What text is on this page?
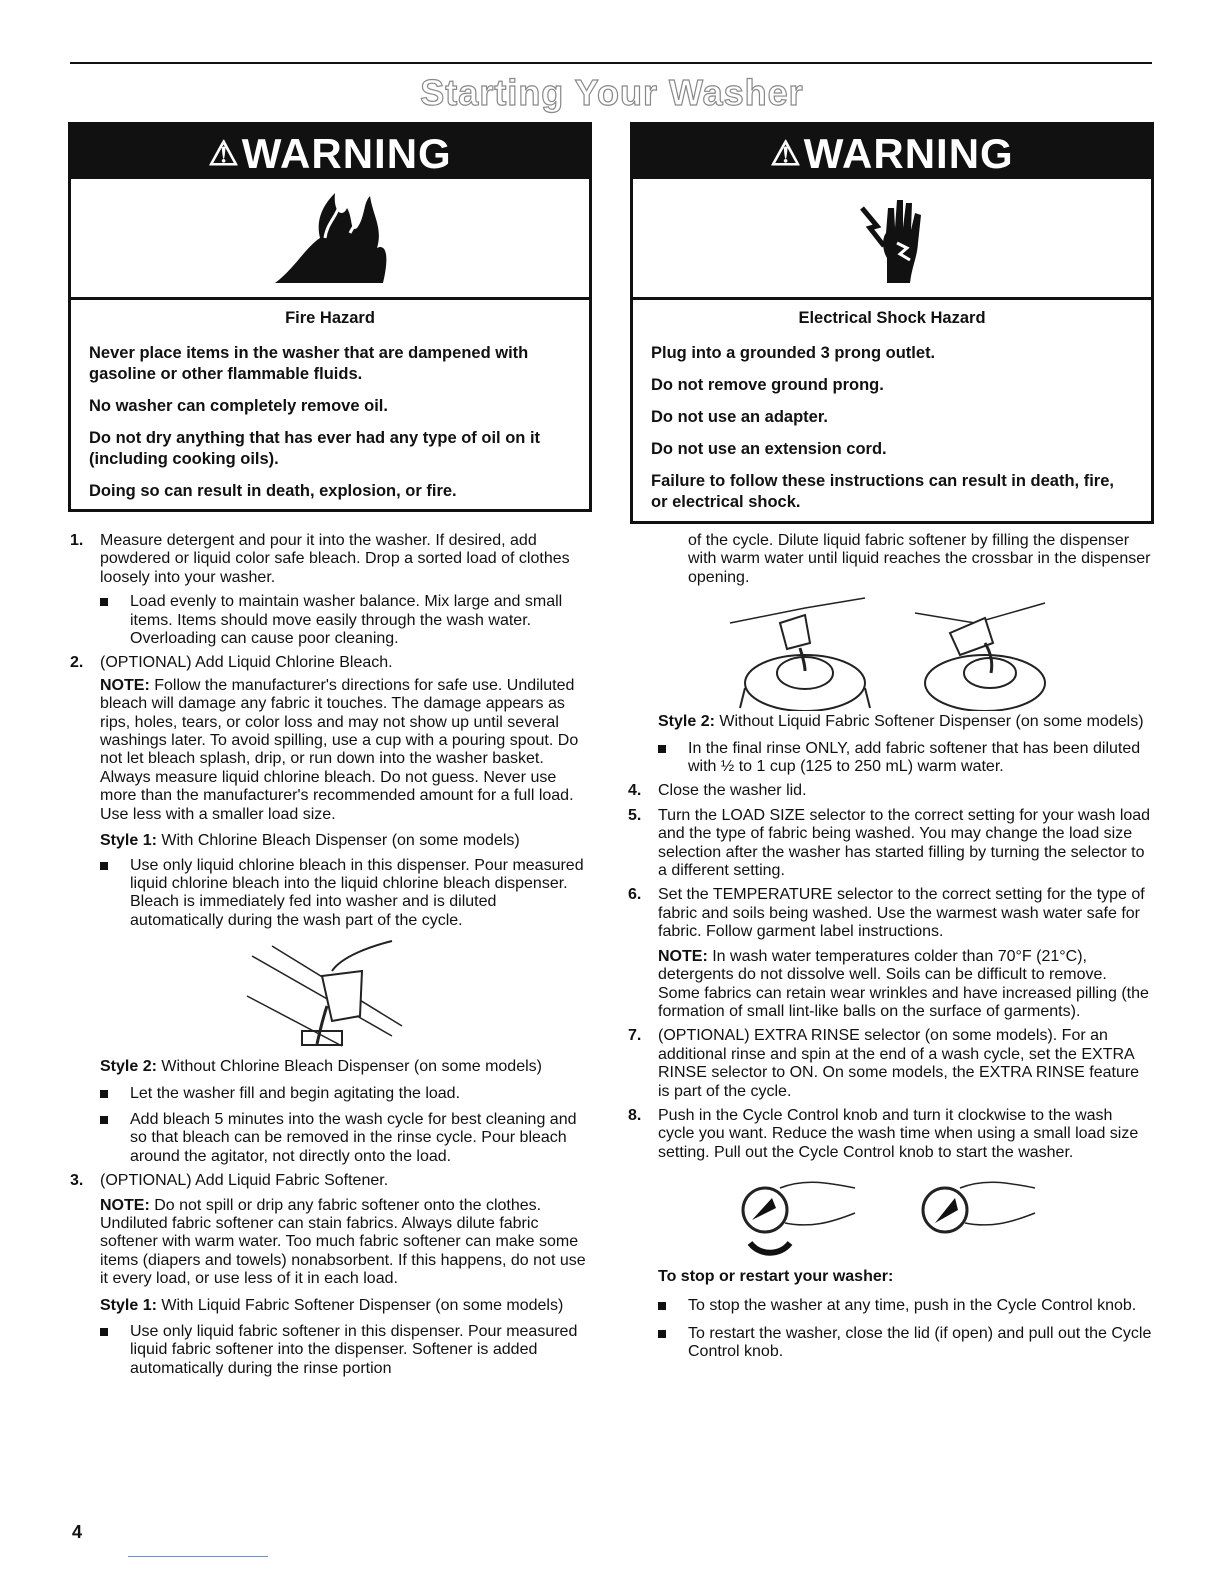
Starting Your Washer
⚠WARNING

Fire Hazard

Never place items in the washer that are dampened with gasoline or other flammable fluids.

No washer can completely remove oil.

Do not dry anything that has ever had any type of oil on it (including cooking oils).

Doing so can result in death, explosion, or fire.

⚠WARNING

Electrical Shock Hazard

Plug into a grounded 3 prong outlet.

Do not remove ground prong.

Do not use an adapter.

Do not use an extension cord.

Failure to follow these instructions can result in death, fire, or electrical shock.

1. Measure detergent and pour it into the washer. If desired, add powdered or liquid color safe bleach. Drop a sorted load of clothes loosely into your washer.

Load evenly to maintain washer balance. Mix large and small items. Items should move easily through the wash water. Overloading can cause poor cleaning.

2. (OPTIONAL) Add Liquid Chlorine Bleach.

NOTE: Follow the manufacturer's directions for safe use. Undiluted bleach will damage any fabric it touches. The damage appears as rips, holes, tears, or color loss and may not show up until several washings later. To avoid spilling, use a cup with a pouring spout. Do not let bleach splash, drip, or run down into the washer basket. Always measure liquid chlorine bleach. Do not guess. Never use more than the manufacturer's recommended amount for a full load. Use less with a smaller load size.

Style 1: With Chlorine Bleach Dispenser (on some models)

Use only liquid chlorine bleach in this dispenser. Pour measured liquid chlorine bleach into the liquid chlorine bleach dispenser. Bleach is immediately fed into washer and is diluted automatically during the wash part of the cycle.

Style 2: Without Chlorine Bleach Dispenser (on some models)

Let the washer fill and begin agitating the load.

Add bleach 5 minutes into the wash cycle for best cleaning and so that bleach can be removed in the rinse cycle. Pour bleach around the agitator, not directly onto the load.

3. (OPTIONAL) Add Liquid Fabric Softener.

NOTE: Do not spill or drip any fabric softener onto the clothes. Undiluted fabric softener can stain fabrics. Always dilute fabric softener with warm water. Too much fabric softener can make some items (diapers and towels) nonabsorbent. If this happens, do not use it every load, or use less of it in each load.

Style 1: With Liquid Fabric Softener Dispenser (on some models)

Use only liquid fabric softener in this dispenser. Pour measured liquid fabric softener into the dispenser. Softener is added automatically during the rinse portion

of the cycle. Dilute liquid fabric softener by filling the dispenser with warm water until liquid reaches the crossbar in the dispenser opening.

Style 2: Without Liquid Fabric Softener Dispenser (on some models)

In the final rinse ONLY, add fabric softener that has been diluted with ½ to 1 cup (125 to 250 mL) warm water.

4. Close the washer lid.

5. Turn the LOAD SIZE selector to the correct setting for your wash load and the type of fabric being washed. You may change the load size selection after the washer has started filling by turning the selector to a different setting.

6. Set the TEMPERATURE selector to the correct setting for the type of fabric and soils being washed. Use the warmest wash water safe for fabric. Follow garment label instructions.

NOTE: In wash water temperatures colder than 70°F (21°C), detergents do not dissolve well. Soils can be difficult to remove. Some fabrics can retain wear wrinkles and have increased pilling (the formation of small lint-like balls on the surface of garments).

7. (OPTIONAL) EXTRA RINSE selector (on some models). For an additional rinse and spin at the end of a wash cycle, set the EXTRA RINSE selector to ON. On some models, the EXTRA RINSE feature is part of the cycle.

8. Push in the Cycle Control knob and turn it clockwise to the wash cycle you want. Reduce the wash time when using a small load size setting. Pull out the Cycle Control knob to start the washer.

To stop or restart your washer:

To stop the washer at any time, push in the Cycle Control knob.

To restart the washer, close the lid (if open) and pull out the Cycle Control knob.

4
